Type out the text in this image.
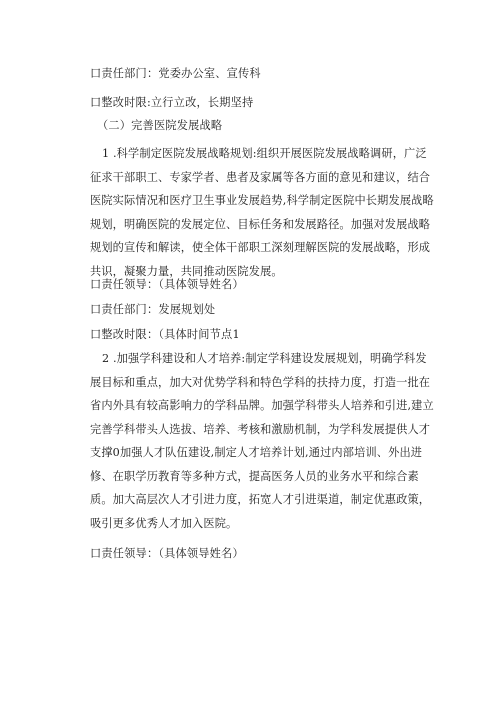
口责任部门：党委办公室、宣传科
口整改时限:立行立改，长期坚持
（二）完善医院发展战略
1 .科学制定医院发展战略规划:组织开展医院发展战略调研，广泛征求干部职工、专家学者、患者及家属等各方面的意见和建议，结合医院实际情况和医疗卫生事业发展趋势,科学制定医院中长期发展战略规划，明确医院的发展定位、目标任务和发展路径。加强对发展战略规划的宣传和解读，使全体干部职工深刻理解医院的发展战略，形成共识，凝聚力量，共同推动医院发展。
口责任领导：（具体领导姓名）
口责任部门：发展规划处
口整改时限：（具体时间节点1
2 .加强学科建设和人才培养:制定学科建设发展规划，明确学科发展目标和重点，加大对优势学科和特色学科的扶持力度，打造一批在省内外具有较高影响力的学科品牌。加强学科带头人培养和引进,建立完善学科带头人选拔、培养、考核和激励机制，为学科发展提供人才支撑0加强人才队伍建设,制定人才培养计划,通过内部培训、外出进修、在职学历教育等多种方式，提高医务人员的业务水平和综合素质。加大高层次人才引进力度，拓宽人才引进渠道，制定优惠政策，吸引更多优秀人才加入医院。
口责任领导：（具体领导姓名）
